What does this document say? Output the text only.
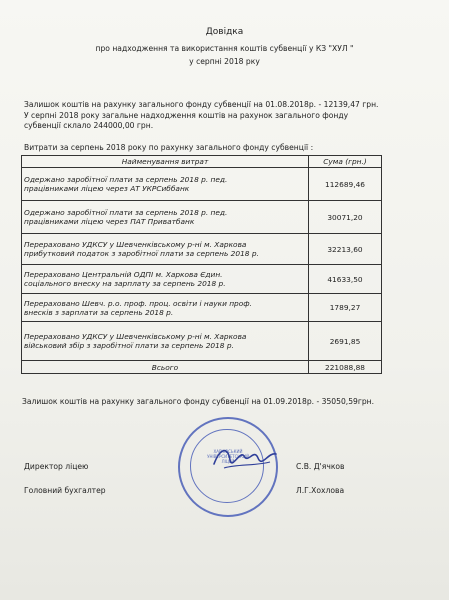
Довідка
про надходження та використання коштів субвенції у КЗ "ХУЛ "
у серпні 2018 рку
Залишок коштів на рахунку загального фонду субвенції на 01.08.2018р. - 12139,47 грн.
У серпні 2018 року загальне надходження коштів на рахунок загального фонду
субвенції склало 244000,00 грн.
Витрати за серпень 2018 року по рахунку загального фонду субвенції :
Найменування витрат	Сума (грн.)
Одержано заробітної плати за серпень 2018 р. пед.
працівниками ліцею через АТ УКРСиббанк	112689,46
Одержано заробітної плати за серпень 2018 р. пед.
працівниками ліцею через ПАТ Приватбанк	30071,20
Перераховано УДКСУ у Шевченківському р-ні м. Харкова
прибутковий податок з заробітної плати за серпень 2018 р.	32213,60
Перераховано Центральній ОДПІ м. Харкова Єдин.
соціального внеску на зарплату за серпень 2018 р.	41633,50
Перераховано Шевч. р.о. проф. проц. освіти і науки проф.
внесків з зарплати за серпень 2018 р.	1789,27
Перераховано УДКСУ у Шевченківському р-ні м. Харкова
військовий збір з заробітної плати за серпень 2018 р.	2691,85
Всього	221088,88
Залишок коштів на рахунку загального фонду субвенції на 01.09.2018р. - 35050,59грн.
ХАРКІВСЬКИЙ УНІВЕРСИТЕТСЬКИЙ ЛІЦЕЙ
Директор ліцею	С.В. Д'ячков
Головний бухгалтер	Л.Г.Хохлова
